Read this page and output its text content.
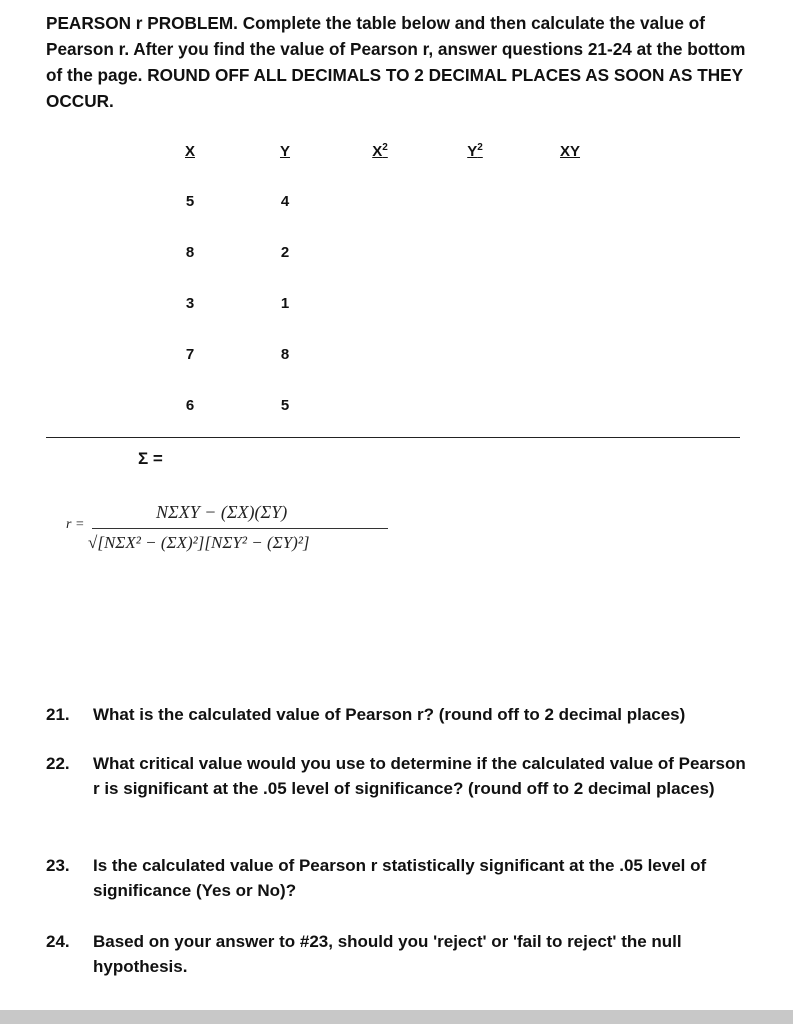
PEARSON r PROBLEM. Complete the table below and then calculate the value of Pearson r. After you find the value of Pearson r, answer questions 21-24 at the bottom of the page. ROUND OFF ALL DECIMALS TO 2 DECIMAL PLACES AS SOON AS THEY OCCUR.
X	Y	$X^2$	$Y^2$	XY
5	4
8	2
3	1
7	8
6	5
Σ =
r =
NΣXY − (ΣX)(ΣY)
√[NΣX² − (ΣX)²][NΣY² − (ΣY)²]
21. What is the calculated value of Pearson r? (round off to 2 decimal places)
22. What critical value would you use to determine if the calculated value of Pearson r is significant at the .05 level of significance? (round off to 2 decimal places)
23. Is the calculated value of Pearson r statistically significant at the .05 level of significance (Yes or No)?
24. Based on your answer to #23, should you 'reject' or 'fail to reject' the null hypothesis.
